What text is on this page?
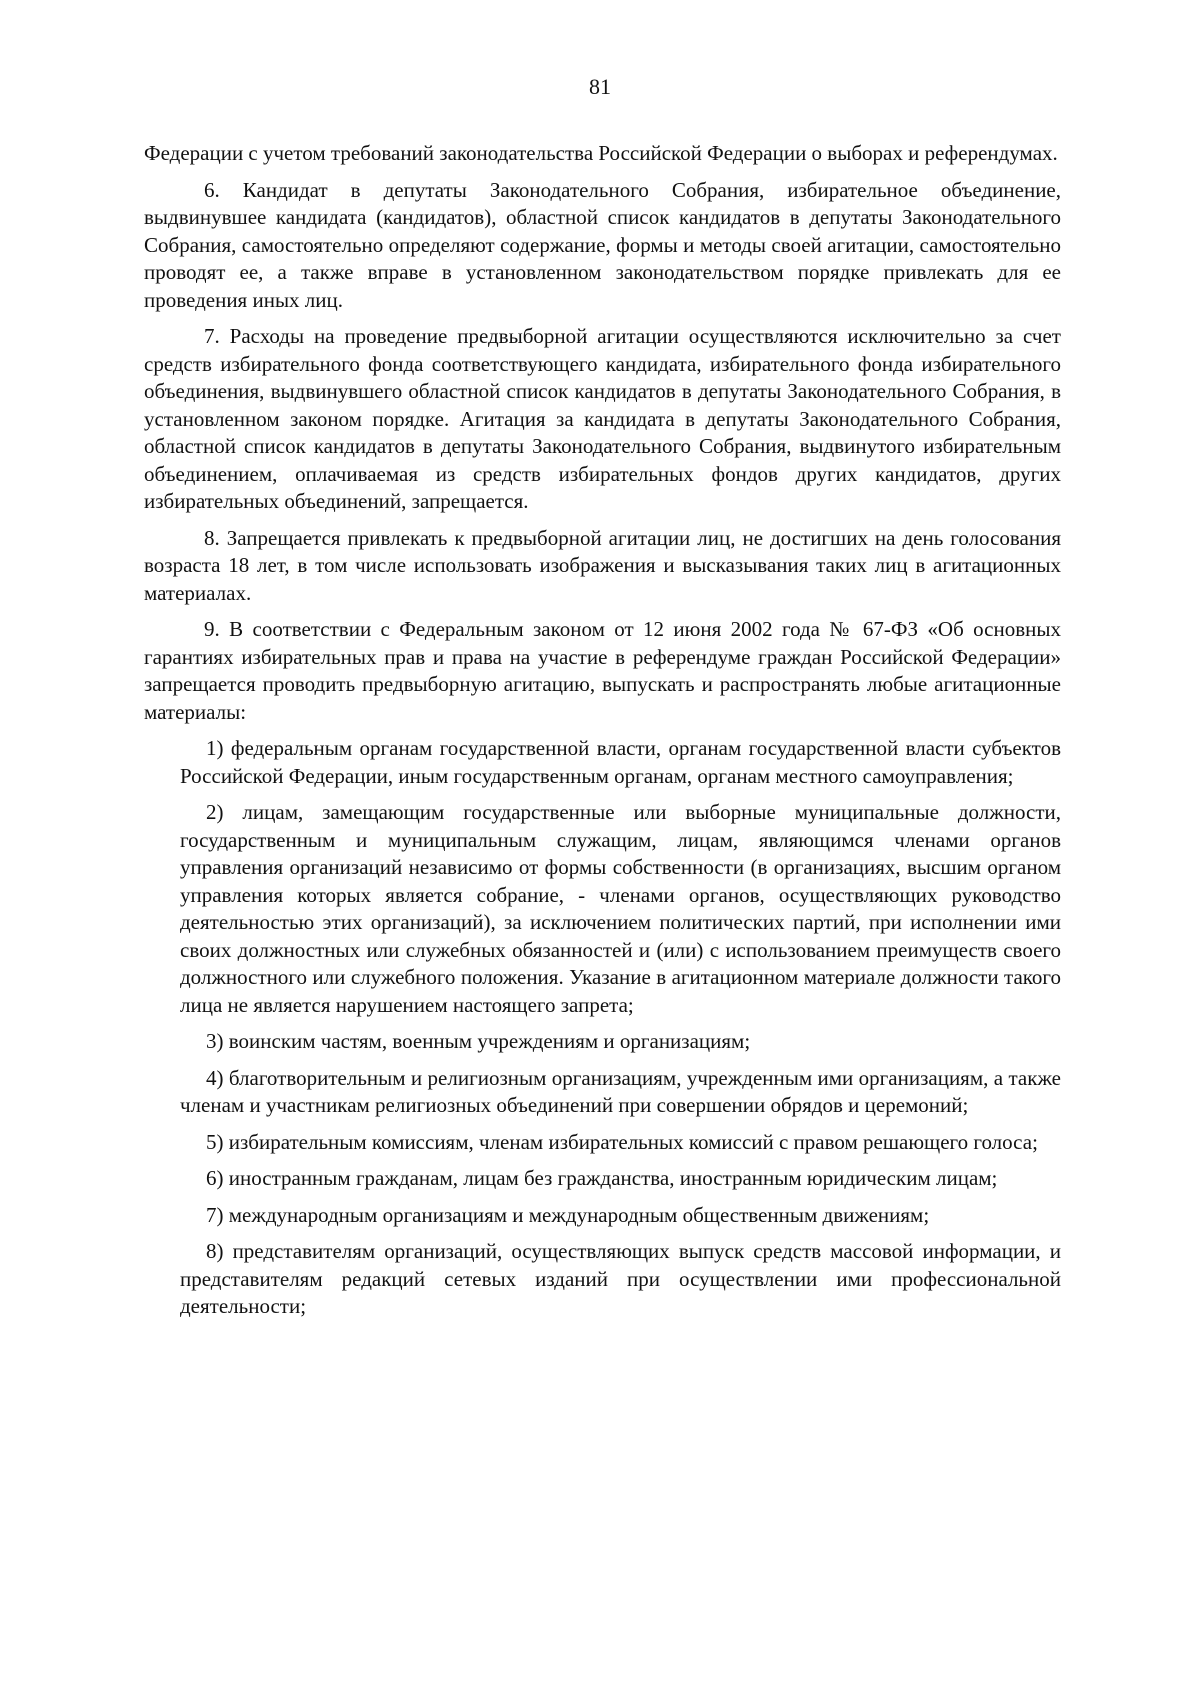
81

Федерации с учетом требований законодательства Российской Федерации о выборах и референдумах.

6. Кандидат в депутаты Законодательного Собрания, избирательное объединение, выдвинувшее кандидата (кандидатов), областной список кандидатов в депутаты Законодательного Собрания, самостоятельно определяют содержание, формы и методы своей агитации, самостоятельно проводят ее, а также вправе в установленном законодательством порядке привлекать для ее проведения иных лиц.

7. Расходы на проведение предвыборной агитации осуществляются исключительно за счет средств избирательного фонда соответствующего кандидата, избирательного фонда избирательного объединения, выдвинувшего областной список кандидатов в депутаты Законодательного Собрания, в установленном законом порядке. Агитация за кандидата в депутаты Законодательного Собрания, областной список кандидатов в депутаты Законодательного Собрания, выдвинутого избирательным объединением, оплачиваемая из средств избирательных фондов других кандидатов, других избирательных объединений, запрещается.

8. Запрещается привлекать к предвыборной агитации лиц, не достигших на день голосования возраста 18 лет, в том числе использовать изображения и высказывания таких лиц в агитационных материалах.

9. В соответствии с Федеральным законом от 12 июня 2002 года № 67-ФЗ «Об основных гарантиях избирательных прав и права на участие в референдуме граждан Российской Федерации» запрещается проводить предвыборную агитацию, выпускать и распространять любые агитационные материалы:

1) федеральным органам государственной власти, органам государственной власти субъектов Российской Федерации, иным государственным органам, органам местного самоуправления;

2) лицам, замещающим государственные или выборные муниципальные должности, государственным и муниципальным служащим, лицам, являющимся членами органов управления организаций независимо от формы собственности (в организациях, высшим органом управления которых является собрание, - членами органов, осуществляющих руководство деятельностью этих организаций), за исключением политических партий, при исполнении ими своих должностных или служебных обязанностей и (или) с использованием преимуществ своего должностного или служебного положения. Указание в агитационном материале должности такого лица не является нарушением настоящего запрета;

3) воинским частям, военным учреждениям и организациям;

4) благотворительным и религиозным организациям, учрежденным ими организациям, а также членам и участникам религиозных объединений при совершении обрядов и церемоний;

5) избирательным комиссиям, членам избирательных комиссий с правом решающего голоса;

6) иностранным гражданам, лицам без гражданства, иностранным юридическим лицам;

7) международным организациям и международным общественным движениям;

8) представителям организаций, осуществляющих выпуск средств массовой информации, и представителям редакций сетевых изданий при осуществлении ими профессиональной деятельности;
